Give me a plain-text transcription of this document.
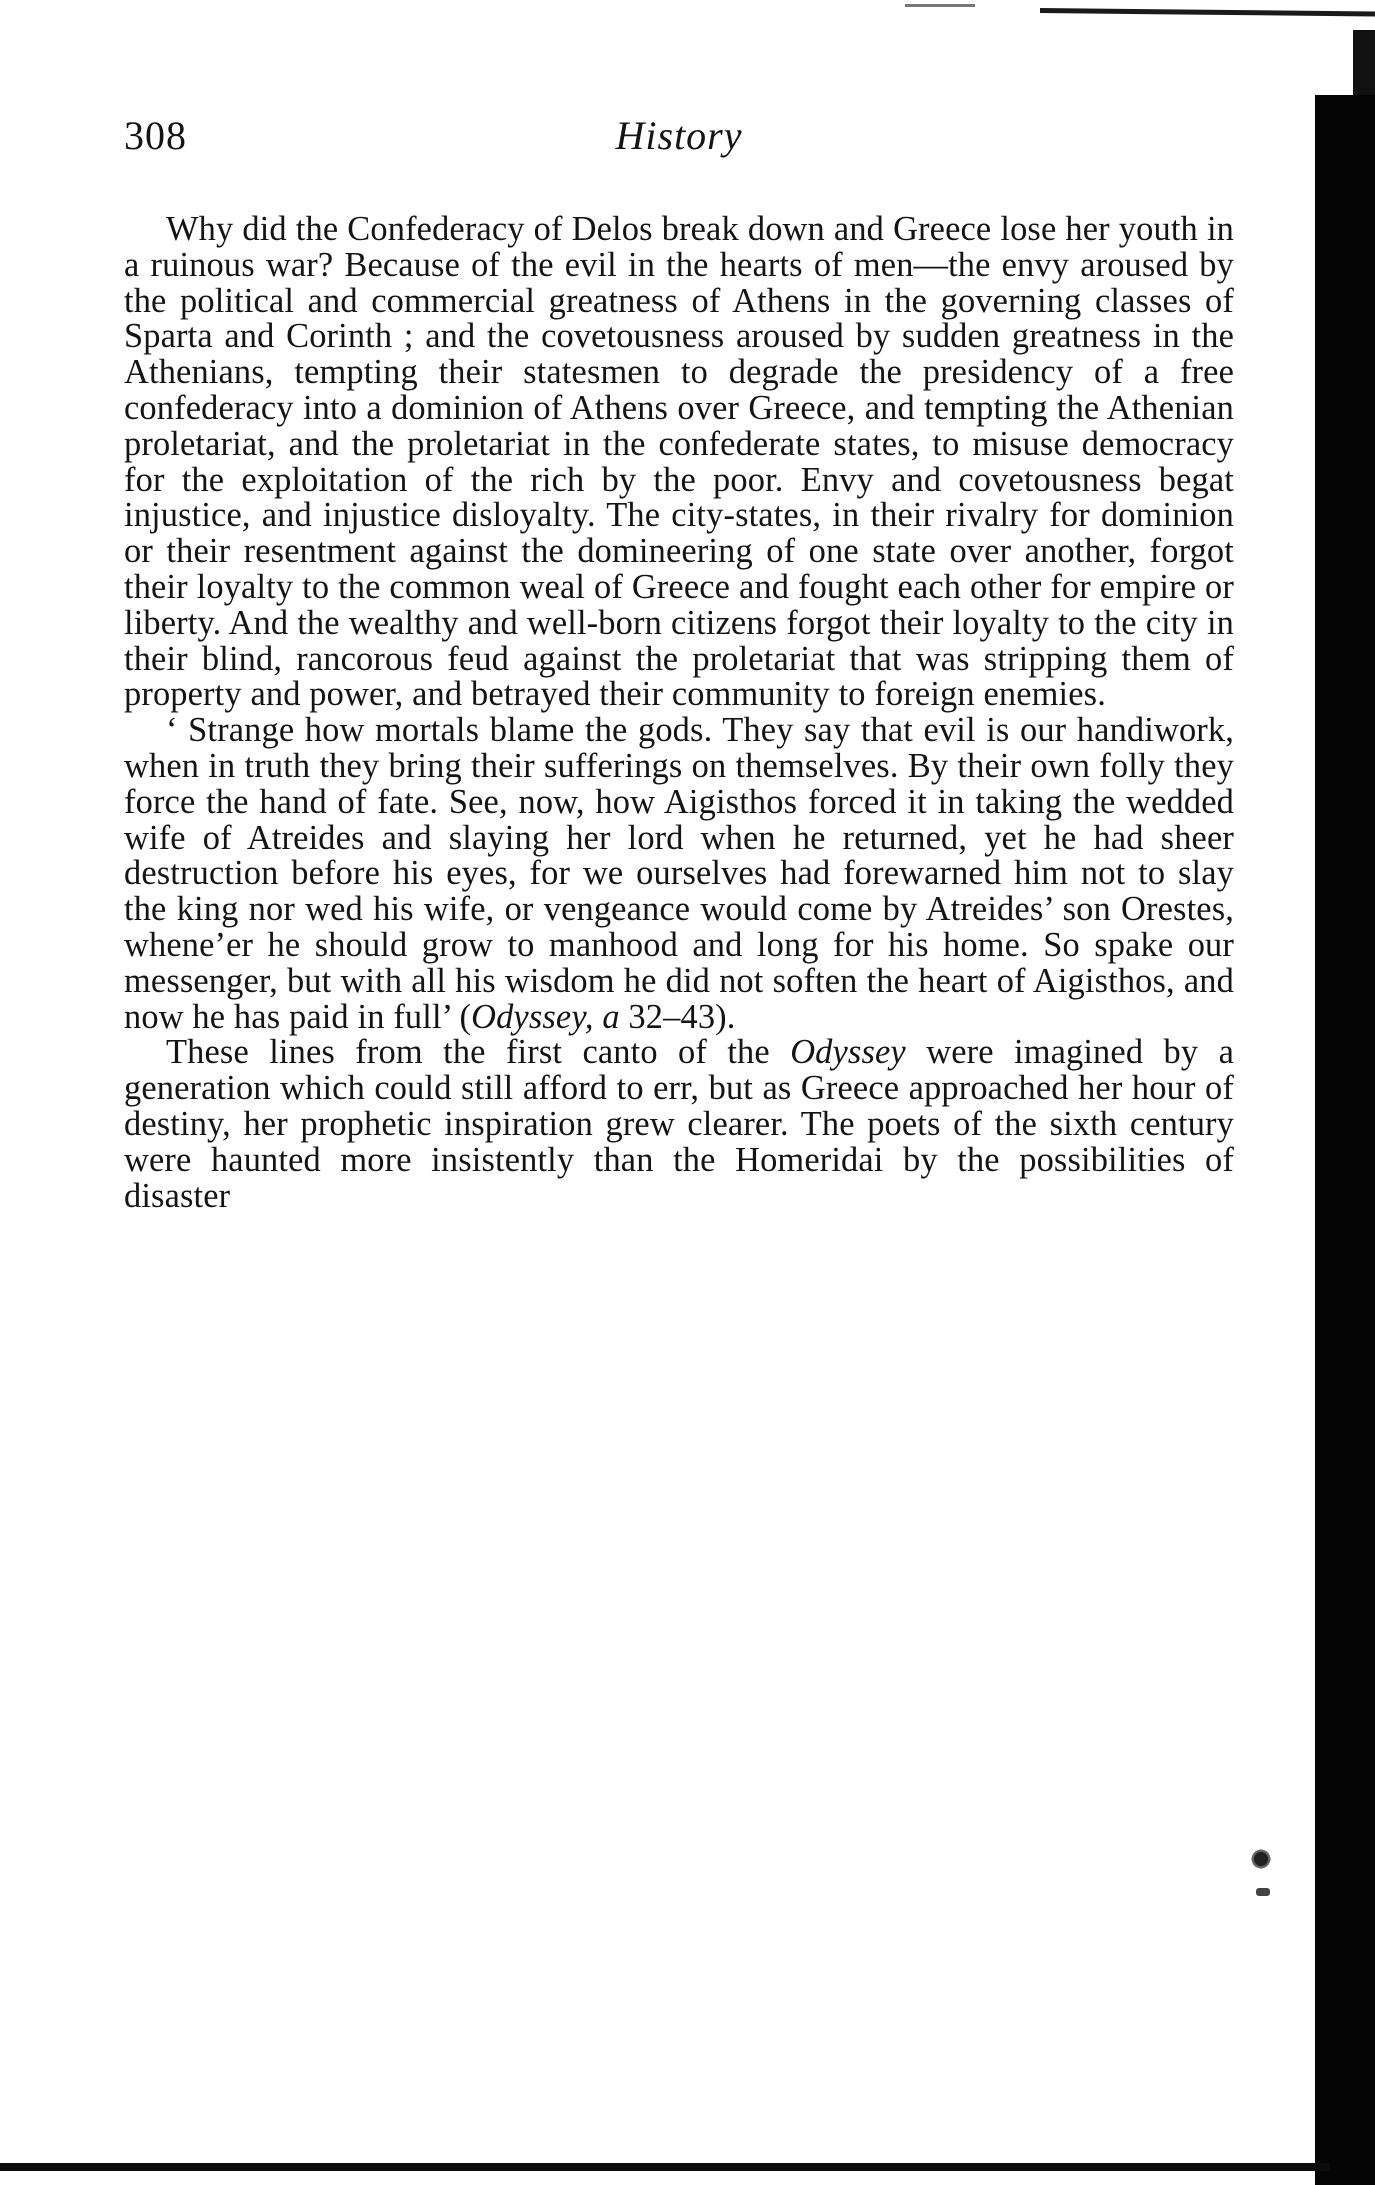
308	History

Why did the Confederacy of Delos break down and Greece lose her youth in a ruinous war? Because of the evil in the hearts of men—the envy aroused by the political and commercial greatness of Athens in the governing classes of Sparta and Corinth ; and the covetousness aroused by sudden greatness in the Athenians, tempting their statesmen to degrade the presidency of a free confederacy into a dominion of Athens over Greece, and tempting the Athenian proletariat, and the proletariat in the confederate states, to misuse democracy for the exploitation of the rich by the poor. Envy and covetousness begat injustice, and injustice disloyalty. The city-states, in their rivalry for dominion or their resentment against the domineering of one state over another, forgot their loyalty to the common weal of Greece and fought each other for empire or liberty. And the wealthy and well-born citizens forgot their loyalty to the city in their blind, rancorous feud against the proletariat that was stripping them of property and power, and betrayed their community to foreign enemies.

‘ Strange how mortals blame the gods. They say that evil is our handiwork, when in truth they bring their sufferings on themselves. By their own folly they force the hand of fate. See, now, how Aigisthos forced it in taking the wedded wife of Atreides and slaying her lord when he returned, yet he had sheer destruction before his eyes, for we ourselves had forewarned him not to slay the king nor wed his wife, or vengeance would come by Atreides’ son Orestes, whene’er he should grow to manhood and long for his home. So spake our messenger, but with all his wisdom he did not soften the heart of Aigisthos, and now he has paid in full’ (Odyssey, a 32–43).

These lines from the first canto of the Odyssey were imagined by a generation which could still afford to err, but as Greece approached her hour of destiny, her prophetic inspiration grew clearer. The poets of the sixth century were haunted more insistently than the Homeridai by the possibilities of disaster
